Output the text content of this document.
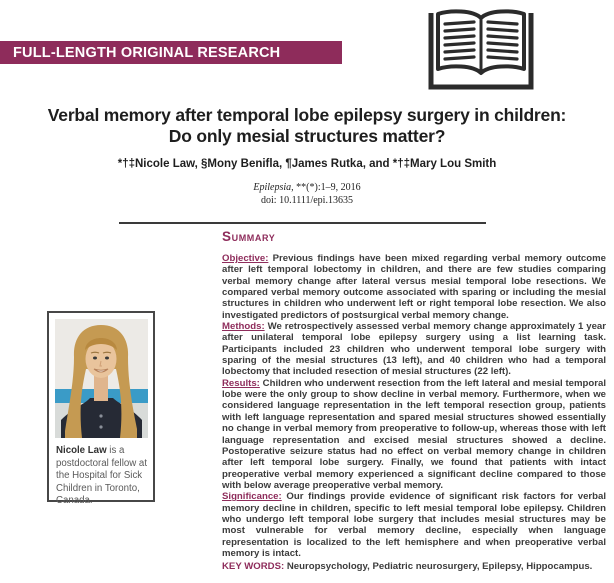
FULL-LENGTH ORIGINAL RESEARCH
Verbal memory after temporal lobe epilepsy surgery in children: Do only mesial structures matter?
*†‡Nicole Law, §Mony Benifla, ¶James Rutka, and *†‡Mary Lou Smith
Epilepsia, **(*):1–9, 2016
doi: 10.1111/epi.13635
Nicole Law is a postdoctoral fellow at the Hospital for Sick Children in Toronto, Canada.
Summary

Objective: Previous findings have been mixed regarding verbal memory outcome after left temporal lobectomy in children, and there are few studies comparing verbal memory change after lateral versus mesial temporal lobe resections. We compared verbal memory outcome associated with sparing or including the mesial structures in children who underwent left or right temporal lobe resection. We also investigated predictors of postsurgical verbal memory change.

Methods: We retrospectively assessed verbal memory change approximately 1 year after unilateral temporal lobe epilepsy surgery using a list learning task. Participants included 23 children who underwent temporal lobe surgery with sparing of the mesial structures (13 left), and 40 children who had a temporal lobectomy that included resection of mesial structures (22 left).

Results: Children who underwent resection from the left lateral and mesial temporal lobe were the only group to show decline in verbal memory. Furthermore, when we considered language representation in the left temporal resection group, patients with left language representation and spared mesial structures showed essentially no change in verbal memory from preoperative to follow-up, whereas those with left language representation and excised mesial structures showed a decline. Postoperative seizure status had no effect on verbal memory change in children after left temporal lobe surgery. Finally, we found that patients with intact preoperative verbal memory experienced a significant decline compared to those with below average preoperative verbal memory.

Significance: Our findings provide evidence of significant risk factors for verbal memory decline in children, specific to left mesial temporal lobe epilepsy. Children who undergo left temporal lobe surgery that includes mesial structures may be most vulnerable for verbal memory decline, especially when language representation is localized to the left hemisphere and when preoperative verbal memory is intact.

KEY WORDS: Neuropsychology, Pediatric neurosurgery, Epilepsy, Hippocampus.
